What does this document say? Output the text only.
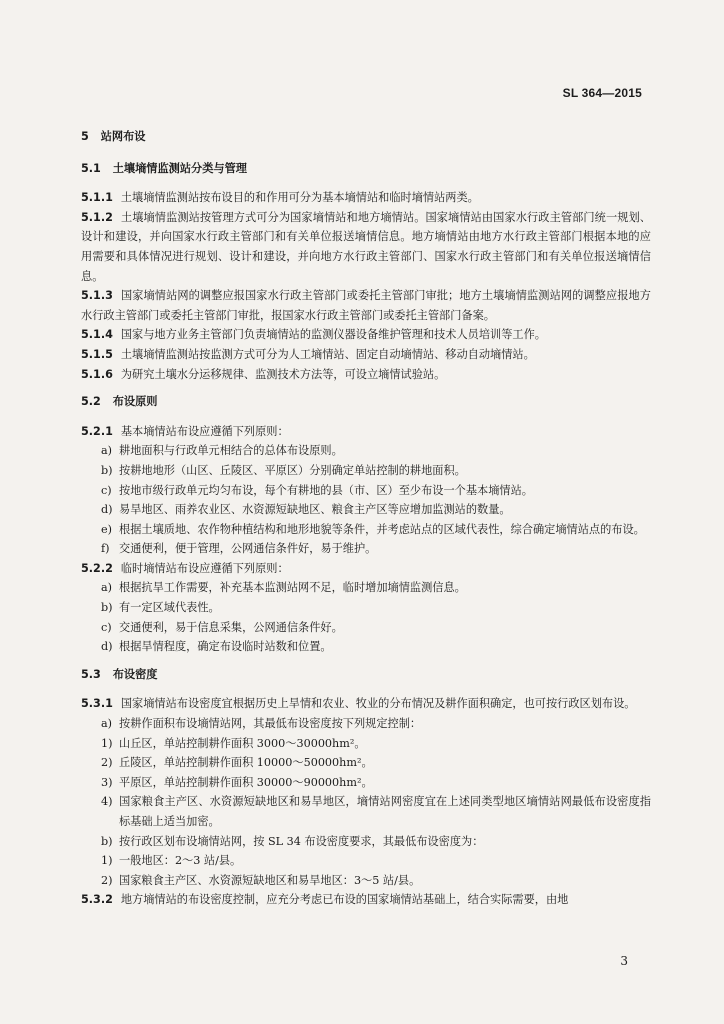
SL 364—2015

5 站网布设

5.1 土壤墒情监测站分类与管理

5.1.1 土壤墒情监测站按布设目的和作用可分为基本墒情站和临时墒情站两类。

5.1.2 土壤墒情监测站按管理方式可分为国家墒情站和地方墒情站。国家墒情站由国家水行政主管部门统一规划、设计和建设，并向国家水行政主管部门和有关单位报送墒情信息。地方墒情站由地方水行政主管部门根据本地的应用需要和具体情况进行规划、设计和建设，并向地方水行政主管部门、国家水行政主管部门和有关单位报送墒情信息。

5.1.3 国家墒情站网的调整应报国家水行政主管部门或委托主管部门审批；地方土壤墒情监测站网的调整应报地方水行政主管部门或委托主管部门审批，报国家水行政主管部门或委托主管部门备案。

5.1.4 国家与地方业务主管部门负责墒情站的监测仪器设备维护管理和技术人员培训等工作。

5.1.5 土壤墒情监测站按监测方式可分为人工墒情站、固定自动墒情站、移动自动墒情站。

5.1.6 为研究土壤水分运移规律、监测技术方法等，可设立墒情试验站。

5.2 布设原则

5.2.1 基本墒情站布设应遵循下列原则：

a) 耕地面积与行政单元相结合的总体布设原则。

b) 按耕地地形（山区、丘陵区、平原区）分别确定单站控制的耕地面积。

c) 按地市级行政单元均匀布设，每个有耕地的县（市、区）至少布设一个基本墒情站。

d) 易旱地区、雨养农业区、水资源短缺地区、粮食主产区等应增加监测站的数量。

e) 根据土壤质地、农作物种植结构和地形地貌等条件，并考虑站点的区域代表性，综合确定墒情站点的布设。

f) 交通便利，便于管理，公网通信条件好，易于维护。

5.2.2 临时墒情站布设应遵循下列原则：

a) 根据抗旱工作需要，补充基本监测站网不足，临时增加墒情监测信息。

b) 有一定区域代表性。

c) 交通便利，易于信息采集，公网通信条件好。

d) 根据旱情程度，确定布设临时站数和位置。

5.3 布设密度

5.3.1 国家墒情站布设密度宜根据历史上旱情和农业、牧业的分布情况及耕作面积确定，也可按行政区划布设。

a) 按耕作面积布设墒情站网，其最低布设密度按下列规定控制：

1) 山丘区，单站控制耕作面积 3000～30000hm²。

2) 丘陵区，单站控制耕作面积 10000～50000hm²。

3) 平原区，单站控制耕作面积 30000～90000hm²。

4) 国家粮食主产区、水资源短缺地区和易旱地区，墒情站网密度宜在上述同类型地区墒情站网最低布设密度指标基础上适当加密。

b) 按行政区划布设墒情站网，按 SL 34 布设密度要求，其最低布设密度为：

1) 一般地区：2～3 站/县。

2) 国家粮食主产区、水资源短缺地区和易旱地区：3～5 站/县。

5.3.2 地方墒情站的布设密度控制，应充分考虑已布设的国家墒情站基础上，结合实际需要，由地

3
